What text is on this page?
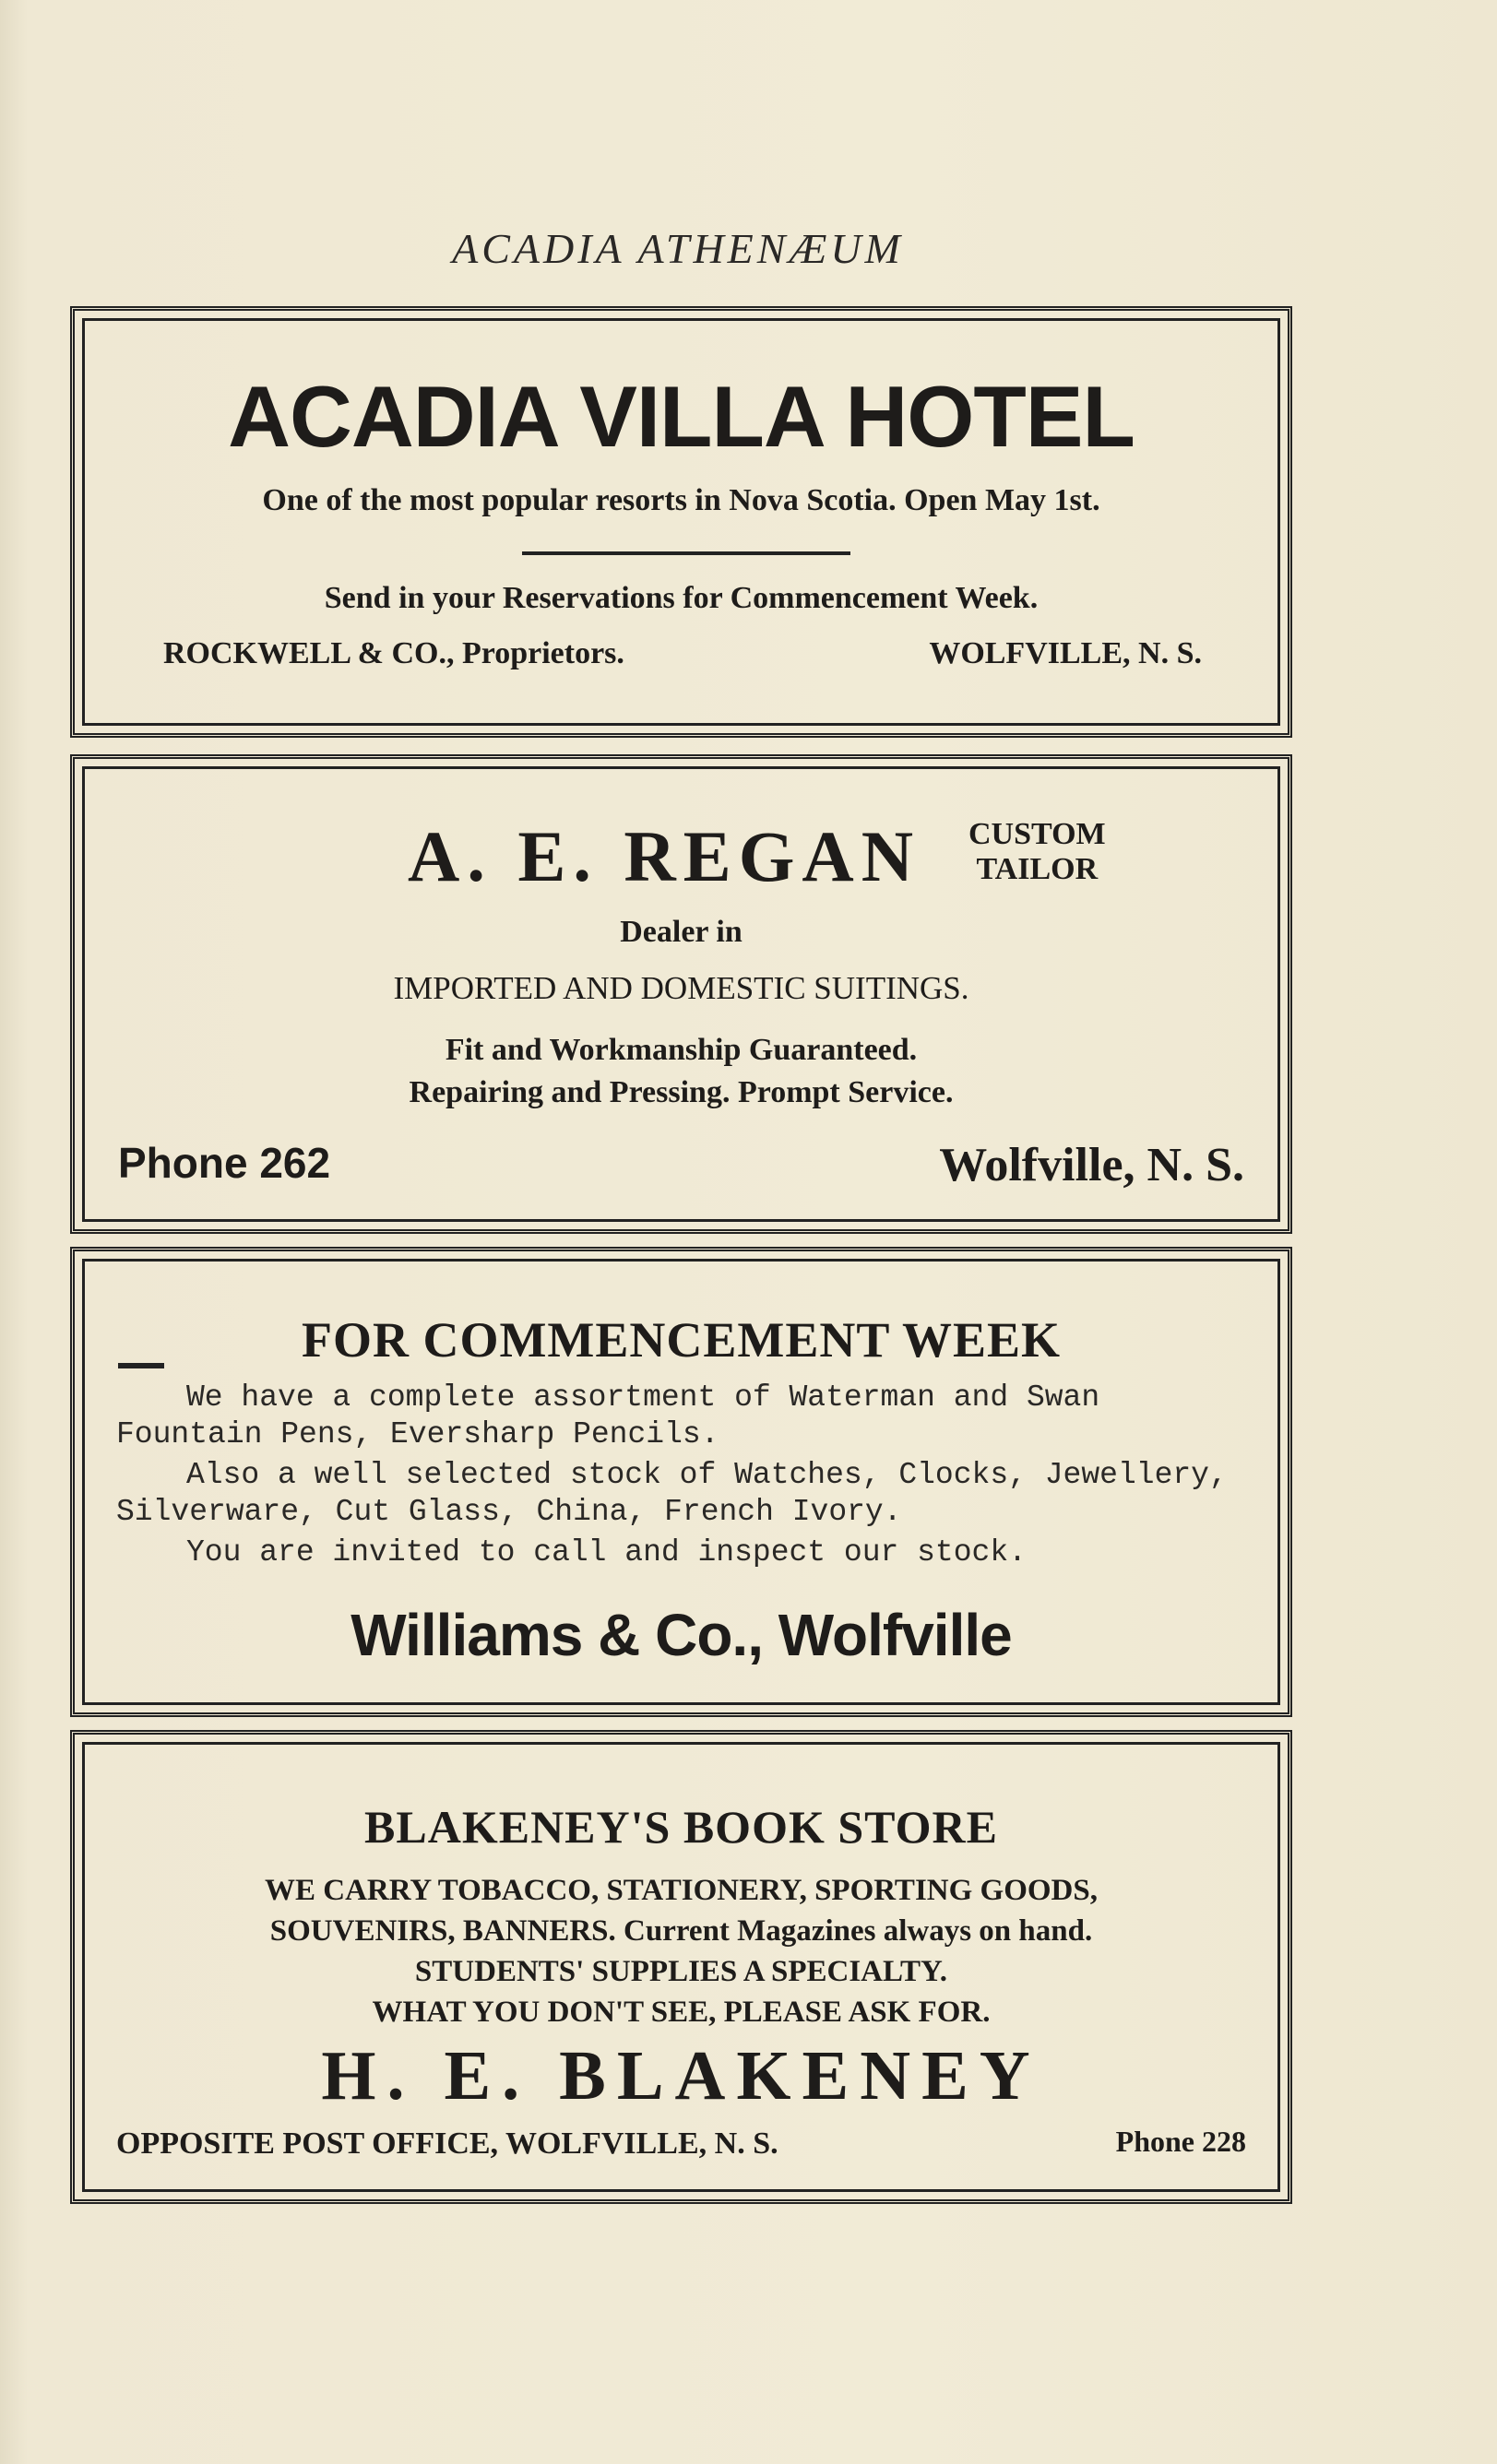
ACADIA ATHENÆUM
ACADIA VILLA HOTEL
One of the most popular resorts in Nova Scotia. Open May 1st.
Send in your Reservations for Commencement Week.
ROCKWELL & CO., Proprietors.	WOLFVILLE, N. S.
A. E. REGAN CUSTOM
TAILOR
Dealer in
IMPORTED AND DOMESTIC SUITINGS.
Fit and Workmanship Guaranteed.
Repairing and Pressing. Prompt Service.
Phone 262	Wolfville, N. S.
FOR COMMENCEMENT WEEK

We have a complete assortment of Waterman and Swan Fountain Pens, Eversharp Pencils.

Also a well selected stock of Watches, Clocks, Jewellery, Silverware, Cut Glass, China, French Ivory.

You are invited to call and inspect our stock.

Williams & Co., Wolfville
BLAKENEY'S BOOK STORE
WE CARRY TOBACCO, STATIONERY, SPORTING GOODS,
SOUVENIRS, BANNERS. Current Magazines always on hand.
STUDENTS' SUPPLIES A SPECIALTY.
WHAT YOU DON'T SEE, PLEASE ASK FOR.
H. E. BLAKENEY
OPPOSITE POST OFFICE, WOLFVILLE, N. S.	Phone 228
